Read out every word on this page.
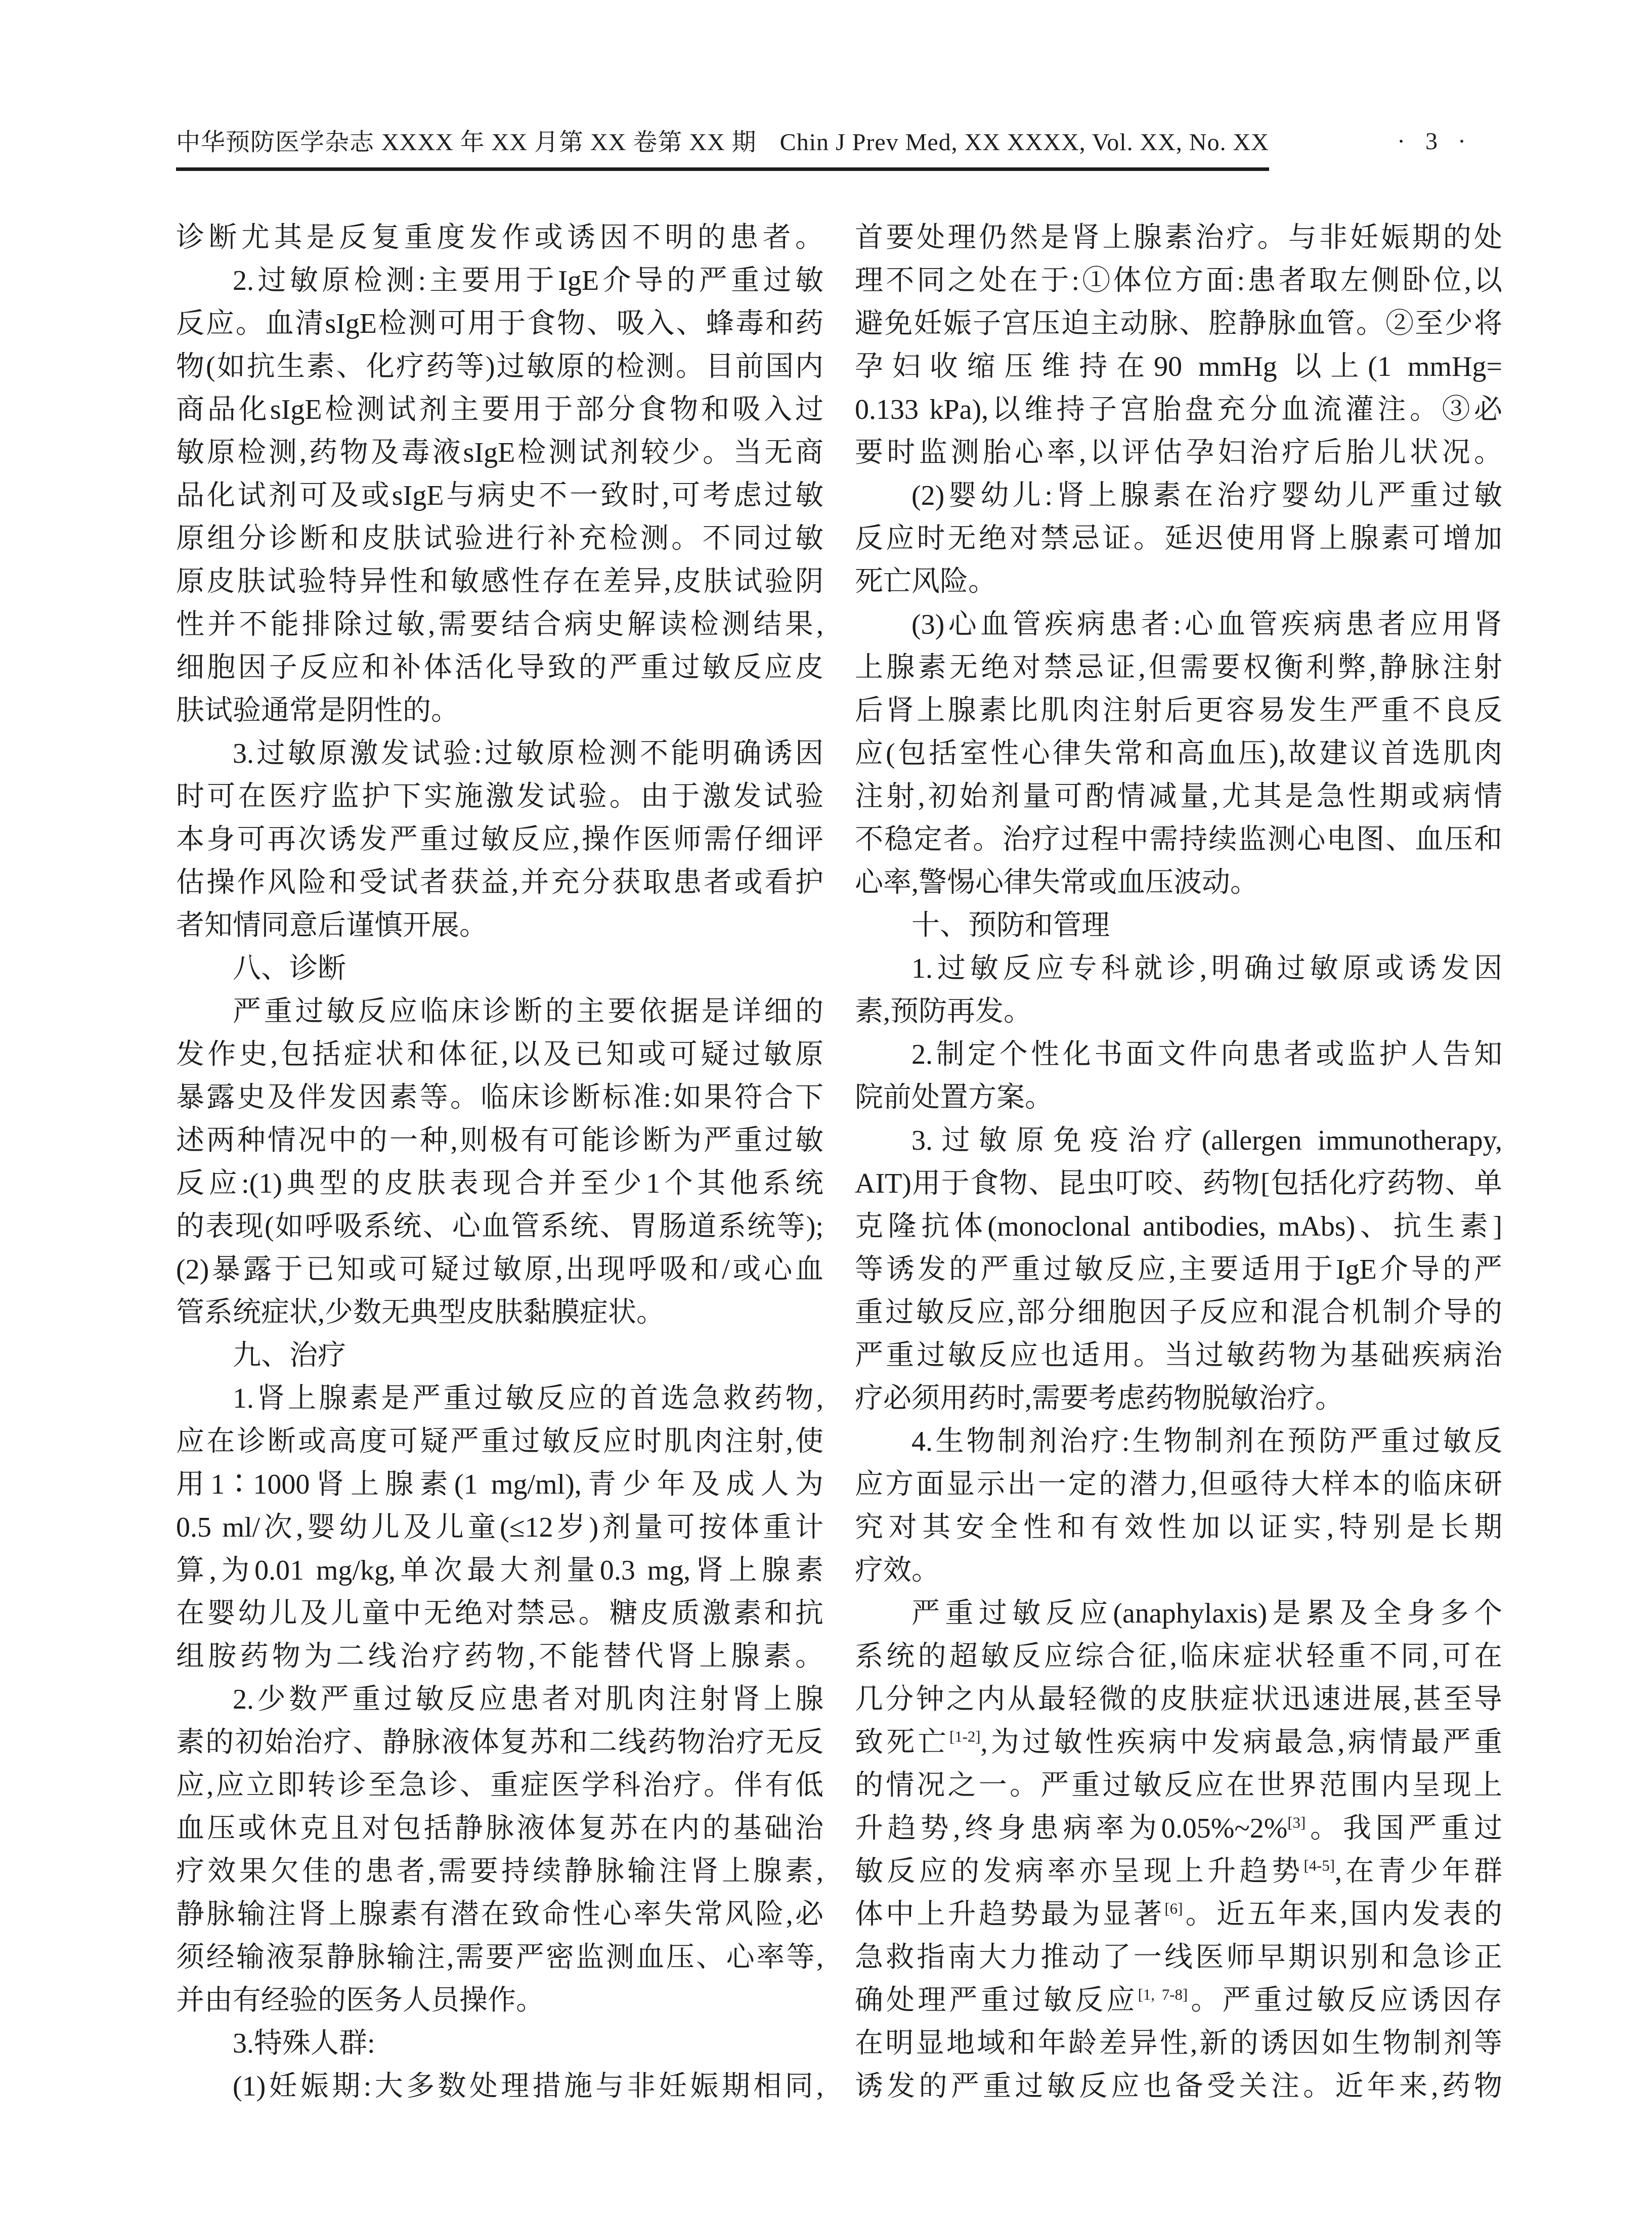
中华预防医学杂志 XXXX 年 XX 月第 XX 卷第 XX 期 Chin J Prev Med, XX XXXX, Vol. XX, No. XX	· 3 ·
诊断尤其是反复重度发作或诱因不明的患者。
2.过敏原检测:主要用于IgE介导的严重过敏
反应。血清sIgE检测可用于食物、吸入、蜂毒和药
物(如抗生素、化疗药等)过敏原的检测。目前国内
商品化sIgE检测试剂主要用于部分食物和吸入过
敏原检测,药物及毒液sIgE检测试剂较少。当无商
品化试剂可及或sIgE与病史不一致时,可考虑过敏
原组分诊断和皮肤试验进行补充检测。不同过敏
原皮肤试验特异性和敏感性存在差异,皮肤试验阴
性并不能排除过敏,需要结合病史解读检测结果,
细胞因子反应和补体活化导致的严重过敏反应皮
肤试验通常是阴性的。
3.过敏原激发试验:过敏原检测不能明确诱因
时可在医疗监护下实施激发试验。由于激发试验
本身可再次诱发严重过敏反应,操作医师需仔细评
估操作风险和受试者获益,并充分获取患者或看护
者知情同意后谨慎开展。
八、诊断
严重过敏反应临床诊断的主要依据是详细的
发作史,包括症状和体征,以及已知或可疑过敏原
暴露史及伴发因素等。临床诊断标准:如果符合下
述两种情况中的一种,则极有可能诊断为严重过敏
反应:(1)典型的皮肤表现合并至少1个其他系统
的表现(如呼吸系统、心血管系统、胃肠道系统等);
(2)暴露于已知或可疑过敏原,出现呼吸和/或心血
管系统症状,少数无典型皮肤黏膜症状。
九、治疗
1.肾上腺素是严重过敏反应的首选急救药物,
应在诊断或高度可疑严重过敏反应时肌肉注射,使
用1∶1000肾上腺素(1 mg/ml),青少年及成人为
0.5 ml/次,婴幼儿及儿童(≤12岁)剂量可按体重计
算,为0.01 mg/kg,单次最大剂量0.3 mg,肾上腺素
在婴幼儿及儿童中无绝对禁忌。糖皮质激素和抗
组胺药物为二线治疗药物,不能替代肾上腺素。
2.少数严重过敏反应患者对肌肉注射肾上腺
素的初始治疗、静脉液体复苏和二线药物治疗无反
应,应立即转诊至急诊、重症医学科治疗。伴有低
血压或休克且对包括静脉液体复苏在内的基础治
疗效果欠佳的患者,需要持续静脉输注肾上腺素,
静脉输注肾上腺素有潜在致命性心率失常风险,必
须经输液泵静脉输注,需要严密监测血压、心率等,
并由有经验的医务人员操作。
3.特殊人群:
(1)妊娠期:大多数处理措施与非妊娠期相同,
首要处理仍然是肾上腺素治疗。与非妊娠期的处
理不同之处在于:①体位方面:患者取左侧卧位,以
避免妊娠子宫压迫主动脉、腔静脉血管。②至少将
孕妇收缩压维持在90 mmHg 以上(1 mmHg=
0.133 kPa),以维持子宫胎盘充分血流灌注。③必
要时监测胎心率,以评估孕妇治疗后胎儿状况。
(2)婴幼儿:肾上腺素在治疗婴幼儿严重过敏
反应时无绝对禁忌证。延迟使用肾上腺素可增加
死亡风险。
(3)心血管疾病患者:心血管疾病患者应用肾
上腺素无绝对禁忌证,但需要权衡利弊,静脉注射
后肾上腺素比肌肉注射后更容易发生严重不良反
应(包括室性心律失常和高血压),故建议首选肌肉
注射,初始剂量可酌情减量,尤其是急性期或病情
不稳定者。治疗过程中需持续监测心电图、血压和
心率,警惕心律失常或血压波动。
十、预防和管理
1.过敏反应专科就诊,明确过敏原或诱发因
素,预防再发。
2.制定个性化书面文件向患者或监护人告知
院前处置方案。
3.过敏原免疫治疗(allergen immunotherapy,
AIT)用于食物、昆虫叮咬、药物[包括化疗药物、单
克隆抗体(monoclonal antibodies, mAbs)、抗生素]
等诱发的严重过敏反应,主要适用于IgE介导的严
重过敏反应,部分细胞因子反应和混合机制介导的
严重过敏反应也适用。当过敏药物为基础疾病治
疗必须用药时,需要考虑药物脱敏治疗。
4.生物制剂治疗:生物制剂在预防严重过敏反
应方面显示出一定的潜力,但亟待大样本的临床研
究对其安全性和有效性加以证实,特别是长期
疗效。
严重过敏反应(anaphylaxis)是累及全身多个
系统的超敏反应综合征,临床症状轻重不同,可在
几分钟之内从最轻微的皮肤症状迅速进展,甚至导
致死亡[1-2],为过敏性疾病中发病最急,病情最严重
的情况之一。严重过敏反应在世界范围内呈现上
升趋势,终身患病率为0.05%~2%[3]。我国严重过
敏反应的发病率亦呈现上升趋势[4-5],在青少年群
体中上升趋势最为显著[6]。近五年来,国内发表的
急救指南大力推动了一线医师早期识别和急诊正
确处理严重过敏反应[1, 7-8]。严重过敏反应诱因存
在明显地域和年龄差异性,新的诱因如生物制剂等
诱发的严重过敏反应也备受关注。近年来,药物
